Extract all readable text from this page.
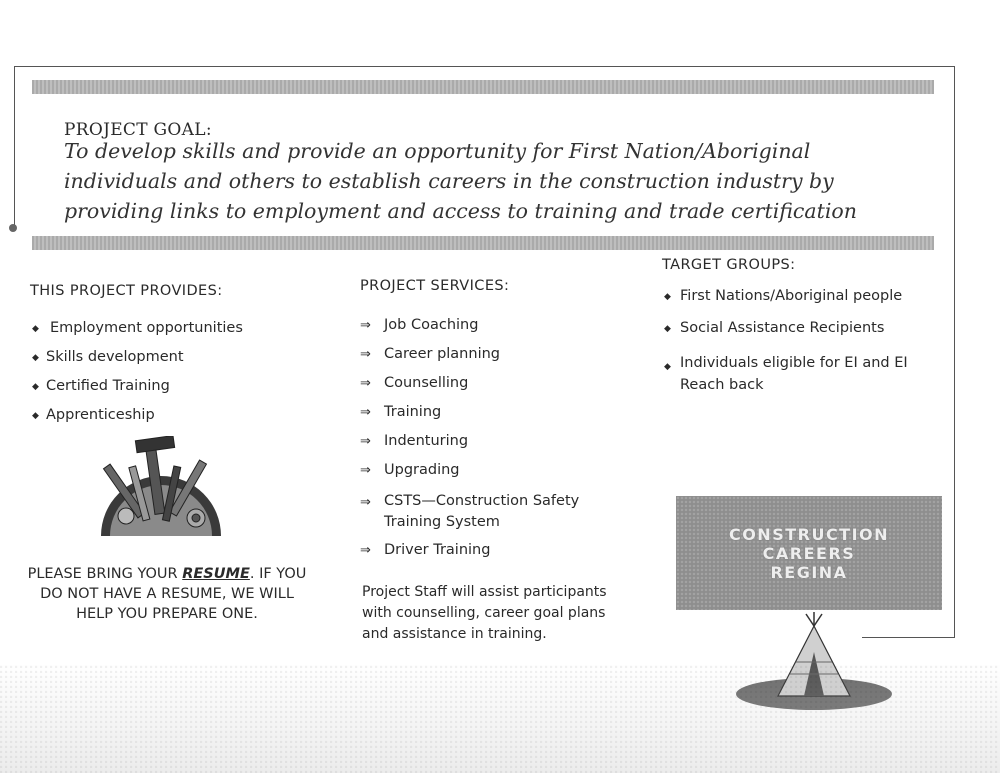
PROJECT GOAL:
To develop skills and provide an opportunity for First Nation/Aboriginal individuals and others to establish careers in the construction industry by providing links to employment and access to training and trade certification
THIS PROJECT PROVIDES:
◆ Employment opportunities
◆ Skills development
◆ Certified Training
◆ Apprenticeship
PLEASE BRING YOUR RESUME. IF YOU DO NOT HAVE A RESUME, WE WILL HELP YOU PREPARE ONE.
PROJECT SERVICES:
⇒ Job Coaching
⇒ Career planning
⇒ Counselling
⇒ Training
⇒ Indenturing
⇒ Upgrading
⇒ CSTS—Construction Safety Training System
⇒ Driver Training
Project Staff will assist participants with counselling, career goal plans and assistance in training.
TARGET GROUPS:
◆ First Nations/Aboriginal people
◆ Social Assistance Recipients
◆ Individuals eligible for EI and EI Reach back
CONSTRUCTION
CAREERS
REGINA
